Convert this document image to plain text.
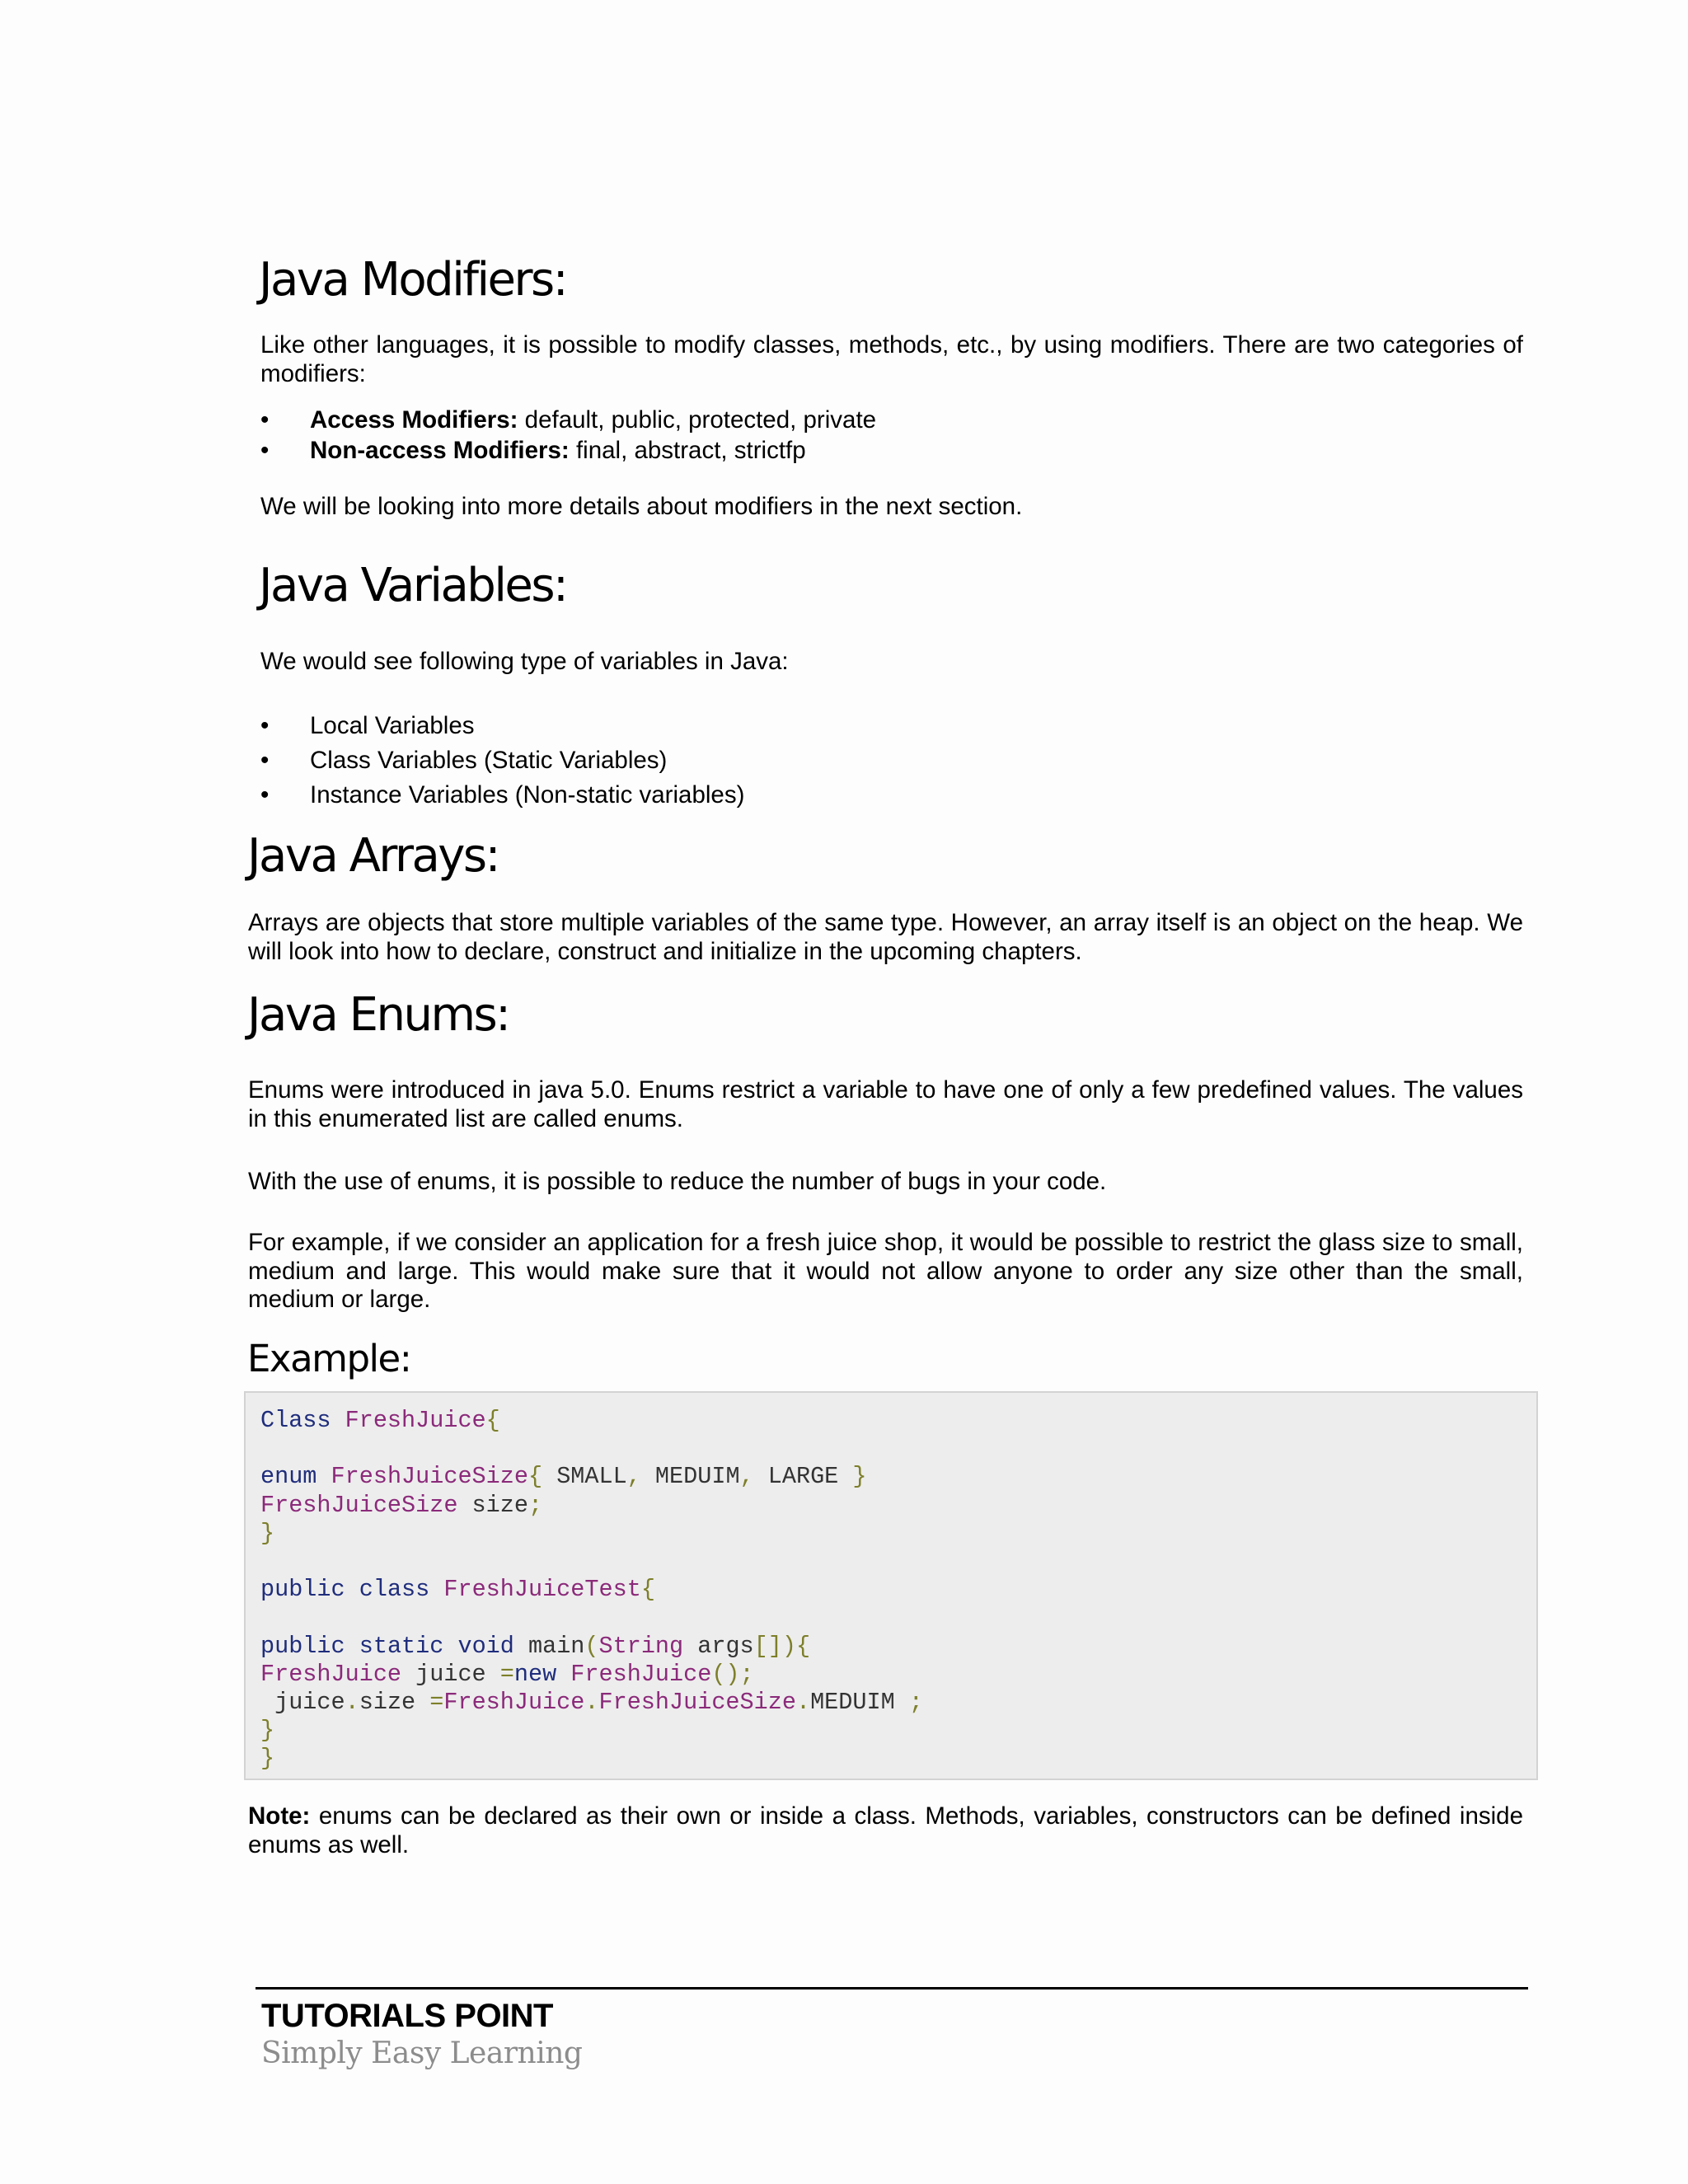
Java Modifiers:

Like other languages, it is possible to modify classes, methods, etc., by using modifiers. There are two categories of modifiers:

• Access Modifiers: default, public, protected, private
• Non-access Modifiers: final, abstract, strictfp

We will be looking into more details about modifiers in the next section.

Java Variables:

We would see following type of variables in Java:

• Local Variables
• Class Variables (Static Variables)
• Instance Variables (Non-static variables)
Java Arrays:

Arrays are objects that store multiple variables of the same type. However, an array itself is an object on the heap. We will look into how to declare, construct and initialize in the upcoming chapters.

Java Enums:

Enums were introduced in java 5.0. Enums restrict a variable to have one of only a few predefined values. The values in this enumerated list are called enums.

With the use of enums, it is possible to reduce the number of bugs in your code.

For example, if we consider an application for a fresh juice shop, it would be possible to restrict the glass size to small, medium and large. This would make sure that it would not allow anyone to order any size other than the small, medium or large.

Example:
Class FreshJuice{

enum FreshJuiceSize{ SMALL, MEDUIM, LARGE }
FreshJuiceSize size;
}

public class FreshJuiceTest{

public static void main(String args[]){
FreshJuice juice =new FreshJuice();
juice.size =FreshJuice.FreshJuiceSize.MEDUIM ;
}
}

Note: enums can be declared as their own or inside a class. Methods, variables, constructors can be defined inside enums as well.

TUTORIALS POINT
Simply Easy Learning
